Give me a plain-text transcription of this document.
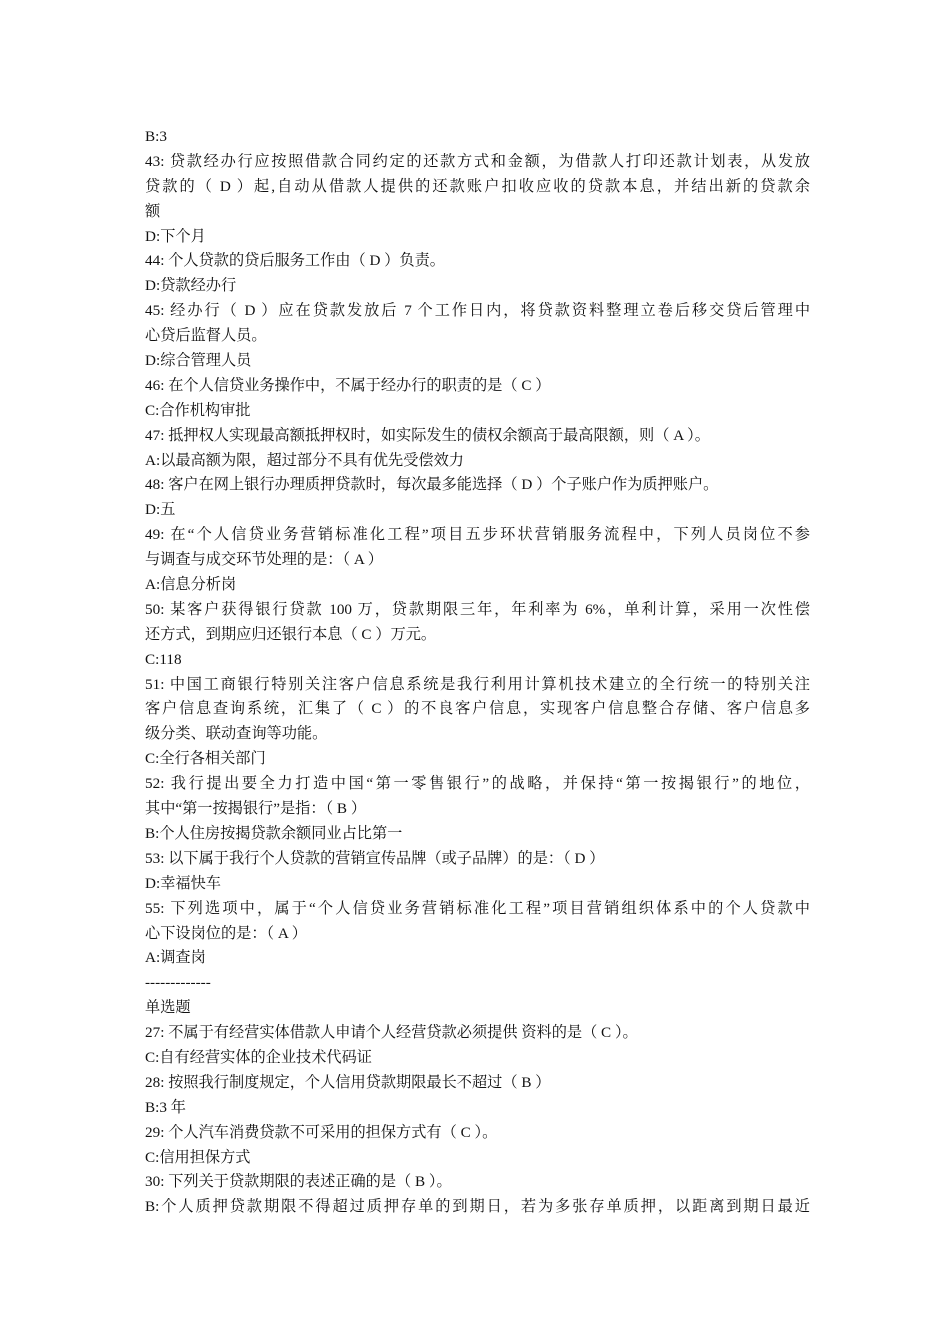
B:3
43: 贷款经办行应按照借款合同约定的还款方式和金额，为借款人打印还款计划表，从发放
贷款的（ D ）起,自动从借款人提供的还款账户扣收应收的贷款本息，并结出新的贷款余
额
D:下个月
44: 个人贷款的贷后服务工作由（ D ）负责。
D:贷款经办行
45: 经办行（ D ）应在贷款发放后 7 个工作日内，将贷款资料整理立卷后移交贷后管理中
心贷后监督人员。
D:综合管理人员
46: 在个人信贷业务操作中，不属于经办行的职责的是（ C ）
C:合作机构审批
47: 抵押权人实现最高额抵押权时，如实际发生的债权余额高于最高限额，则（ A ）。
A:以最高额为限，超过部分不具有优先受偿效力
48: 客户在网上银行办理质押贷款时，每次最多能选择（ D ）个子账户作为质押账户。
D:五
49: 在“个人信贷业务营销标准化工程”项目五步环状营销服务流程中，下列人员岗位不参
与调查与成交环节处理的是：（ A ）
A:信息分析岗
50: 某客户获得银行贷款 100 万，贷款期限三年，年利率为 6%，单利计算，采用一次性偿
还方式，到期应归还银行本息（ C ）万元。
C:118
51: 中国工商银行特别关注客户信息系统是我行利用计算机技术建立的全行统一的特别关注
客户信息查询系统，汇集了（ C ）的不良客户信息，实现客户信息整合存储、客户信息多
级分类、联动查询等功能。
C:全行各相关部门
52: 我行提出要全力打造中国“第一零售银行”的战略，并保持“第一按揭银行”的地位，
其中“第一按揭银行”是指：（ B ）
B:个人住房按揭贷款余额同业占比第一
53: 以下属于我行个人贷款的营销宣传品牌（或子品牌）的是：（ D ）
D:幸福快车
55: 下列选项中，属于“个人信贷业务营销标准化工程”项目营销组织体系中的个人贷款中
心下设岗位的是：（ A ）
A:调查岗
-------------
单选题
27: 不属于有经营实体借款人申请个人经营贷款必须提供 资料的是（ C ）。
C:自有经营实体的企业技术代码证
28: 按照我行制度规定，个人信用贷款期限最长不超过（ B ）
B:3 年
29: 个人汽车消费贷款不可采用的担保方式有（ C ）。
C:信用担保方式
30: 下列关于贷款期限的表述正确的是（ B ）。
B:个人质押贷款期限不得超过质押存单的到期日，若为多张存单质押，以距离到期日最近
